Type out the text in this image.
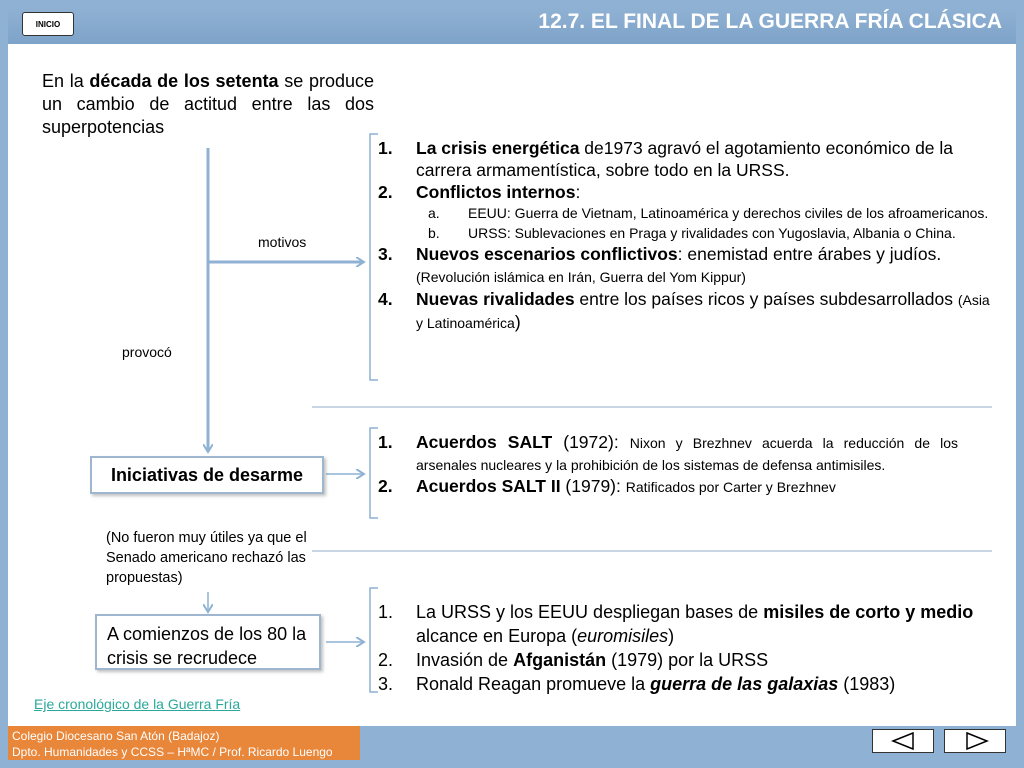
INICIO	12.7. EL FINAL DE LA GUERRA FRÍA CLÁSICA
En la década de los setenta se produce un cambio de actitud entre las dos superpotencias
motivos
provocó
1. La crisis energética de1973 agravó el agotamiento económico de la carrera armamentística, sobre todo en la URSS.
2. Conflictos internos:
a. EEUU: Guerra de Vietnam, Latinoamérica y derechos civiles de los afroamericanos.
b. URSS: Sublevaciones en Praga y rivalidades con Yugoslavia, Albania o China.
3. Nuevos escenarios conflictivos: enemistad entre árabes y judíos. (Revolución islámica en Irán, Guerra del Yom Kippur)
4. Nuevas rivalidades entre los países ricos y países subdesarrollados (Asia y Latinoamérica)
Iniciativas de desarme
1. Acuerdos SALT (1972): Nixon y Brezhnev acuerda la reducción de los arsenales nucleares y la prohibición de los sistemas de defensa antimisiles.
2. Acuerdos SALT II (1979): Ratificados por Carter y Brezhnev
(No fueron muy útiles ya que el Senado americano rechazó las propuestas)
A comienzos de los 80 la crisis se recrudece
1. La URSS y los EEUU despliegan bases de misiles de corto y medio alcance en Europa (euromisiles)
2. Invasión de Afganistán (1979) por la URSS
3. Ronald Reagan promueve la guerra de las galaxias (1983)
Eje cronológico de la Guerra Fría
Colegio Diocesano San Atón (Badajoz)
Dpto. Humanidades y CCSS – HªMC / Prof. Ricardo Luengo
